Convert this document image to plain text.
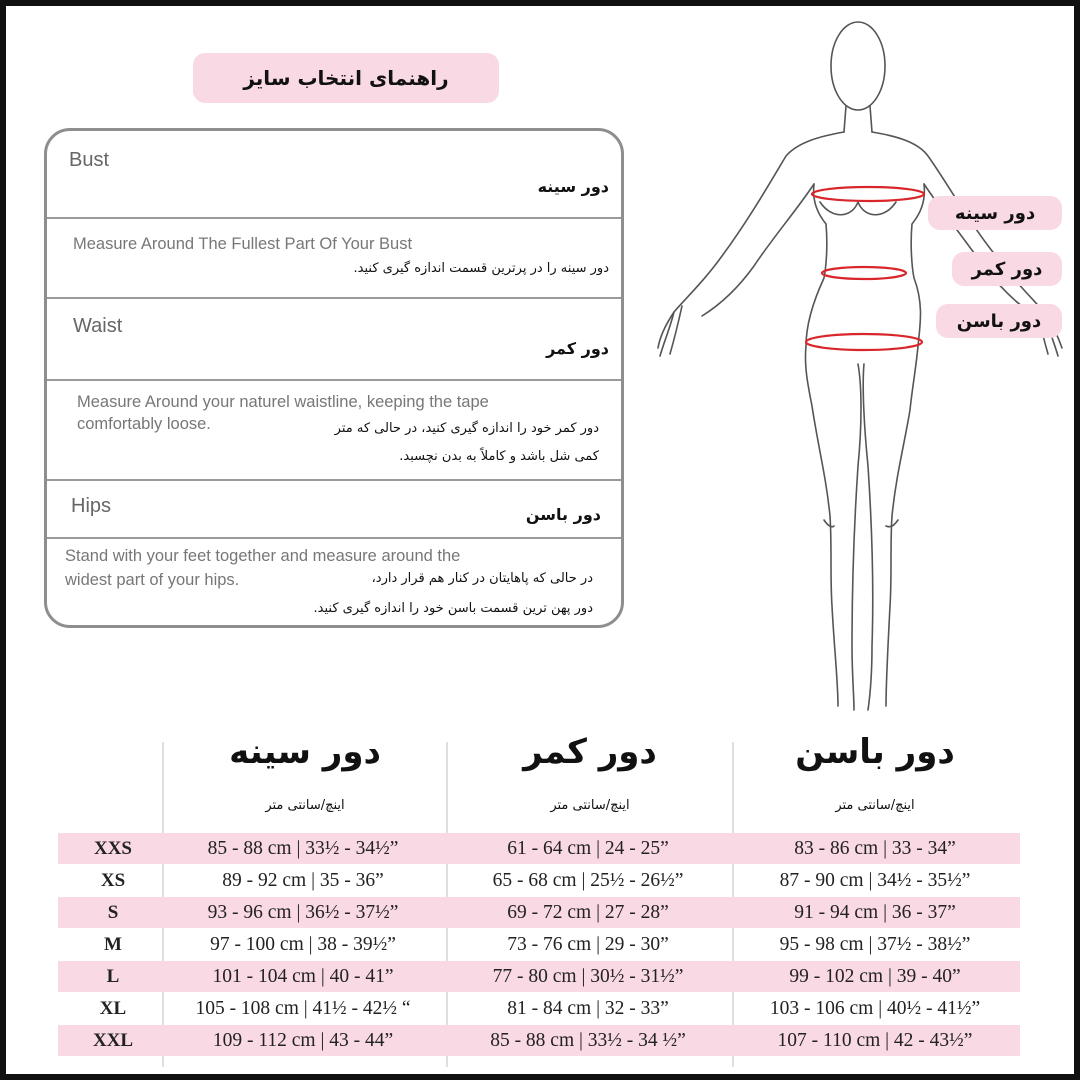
راهنمای انتخاب سایز
Bust
دور سینه
Measure Around The Fullest Part Of Your Bust
دور سینه را در پرترین قسمت اندازه گیری کنید.
Waist
دور کمر
Measure Around your naturel waistline, keeping the tape
comfortably loose.	دور کمر خود را اندازه گیری کنید، در حالی که متر
کمی شل باشد و کاملاً به بدن نچسبد.
Hips	دور باسن
Stand with your feet together and measure around the
widest part of your hips.	در حالی که پاهایتان در کنار هم قرار دارد،
دور پهن ترین قسمت باسن خود را اندازه گیری کنید.
دور سینه
دور کمر
دور باسن
دور سینه	دور کمر	دور باسن
اینچ/سانتی متر	اینچ/سانتی متر	اینچ/سانتی متر
XXS	85 - 88 cm | 33½ - 34½”	61 - 64 cm | 24 - 25”	83 - 86 cm | 33 - 34”
XS	89 - 92 cm | 35 - 36”	65 - 68 cm | 25½ - 26½”	87 - 90 cm | 34½ - 35½”
S	93 - 96 cm | 36½ - 37½”	69 - 72 cm | 27 - 28”	91 - 94 cm | 36 - 37”
M	97 - 100 cm | 38 - 39½”	73 - 76 cm | 29 - 30”	95 - 98 cm | 37½ - 38½”
L	101 - 104 cm | 40 - 41”	77 - 80 cm | 30½ - 31½”	99 - 102 cm | 39 - 40”
XL	105 - 108 cm | 41½ - 42½ “	81 - 84 cm | 32 - 33”	103 - 106 cm | 40½ - 41½”
XXL	109 - 112 cm | 43 - 44”	85 - 88 cm | 33½ - 34 ½”	107 - 110 cm | 42 - 43½”
